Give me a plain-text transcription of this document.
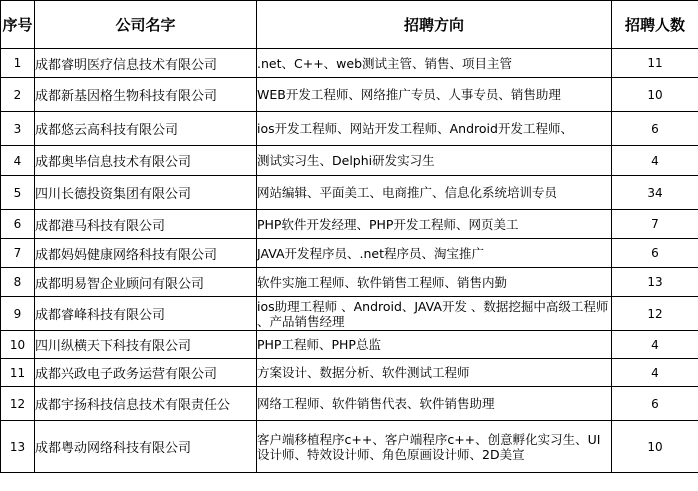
序号	公司名字	招聘方向	招聘人数
1	成都睿明医疗信息技术有限公司	.net、C++、web测试主管、销售、项目主管	11
2	成都新基因格生物科技有限公司	WEB开发工程师、网络推广专员、人事专员、销售助理	10
3	成都悠云高科技有限公司	ios开发工程师、网站开发工程师、Android开发工程师、	6
4	成都奥毕信息技术有限公司	测试实习生、Delphi研发实习生	4
5	四川长德投资集团有限公司	网站编辑、平面美工、电商推广、信息化系统培训专员	34
6	成都港马科技有限公司	PHP软件开发经理、PHP开发工程师、网页美工	7
7	成都妈妈健康网络科技有限公司	JAVA开发程序员、.net程序员、淘宝推广	6
8	成都明易智企业顾问有限公司	软件实施工程师、软件销售工程师、销售内勤	13
9	成都睿峰科技有限公司	ios助理工程师 、Android、JAVA开发 、数据挖掘中高级工程师 、产品销售经理	12
10	四川纵横天下科技有限公司	PHP工程师、PHP总监	4
11	成都兴政电子政务运营有限公司	方案设计、数据分析、软件测试工程师	4
12	成都宇扬科技信息技术有限责任公	网络工程师、软件销售代表、软件销售助理	6
13	成都粤动网络科技有限公司	客户端移植程序c++、客户端程序c++、创意孵化实习生、UI设计师、特效设计师、角色原画设计师、2D美宣	10
